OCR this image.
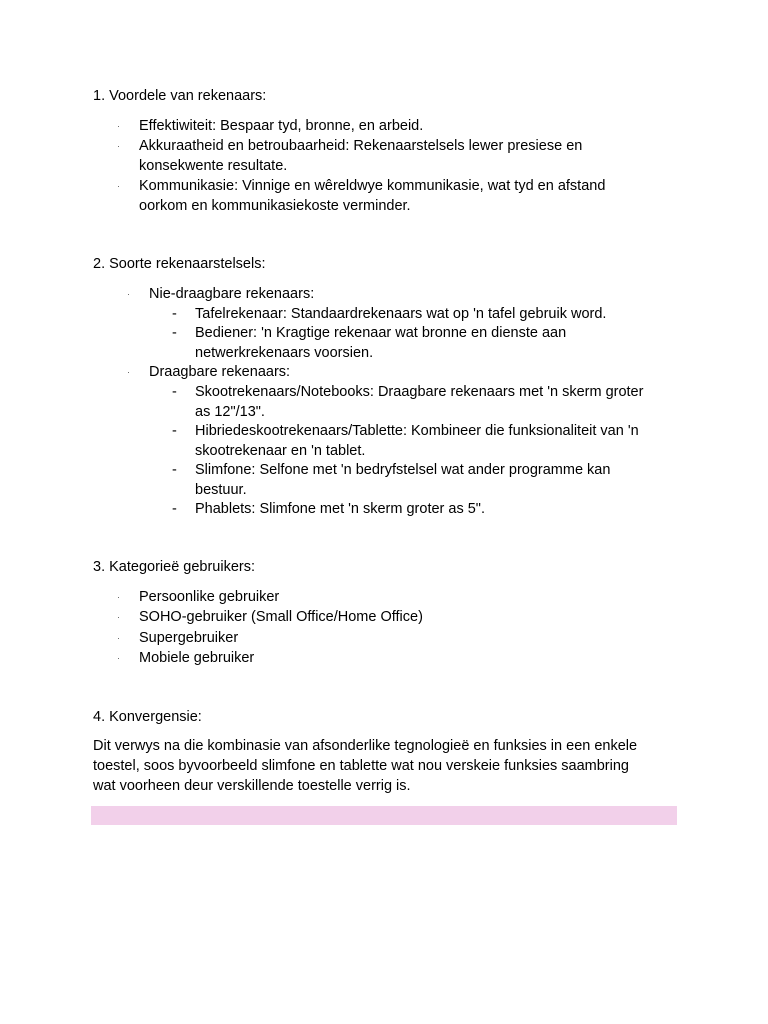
1. Voordele van rekenaars:
· Effektiwiteit: Bespaar tyd, bronne, en arbeid.
· Akkuraatheid en betroubaarheid: Rekenaarstelsels lewer presiese en
konsekwente resultate.
· Kommunikasie: Vinnige en wêreldwye kommunikasie, wat tyd en afstand
oorkom en kommunikasiekoste verminder.
2. Soorte rekenaarstelsels:
· Nie-draagbare rekenaars:
- Tafelrekenaar: Standaardrekenaars wat op 'n tafel gebruik word.
- Bediener: 'n Kragtige rekenaar wat bronne en dienste aan
netwerkrekenaars voorsien.
· Draagbare rekenaars:
- Skootrekenaars/Notebooks: Draagbare rekenaars met 'n skerm groter
as 12"/13".
- Hibriedeskootrekenaars/Tablette: Kombineer die funksionaliteit van 'n
skootrekenaar en 'n tablet.
- Slimfone: Selfone met 'n bedryfstelsel wat ander programme kan
bestuur.
- Phablets: Slimfone met 'n skerm groter as 5".
3. Kategorieë gebruikers:
· Persoonlike gebruiker
· SOHO-gebruiker (Small Office/Home Office)
· Supergebruiker
· Mobiele gebruiker
4. Konvergensie:
Dit verwys na die kombinasie van afsonderlike tegnologieë en funksies in een enkele
toestel, soos byvoorbeeld slimfone en tablette wat nou verskeie funksies saambring
wat voorheen deur verskillende toestelle verrig is.
